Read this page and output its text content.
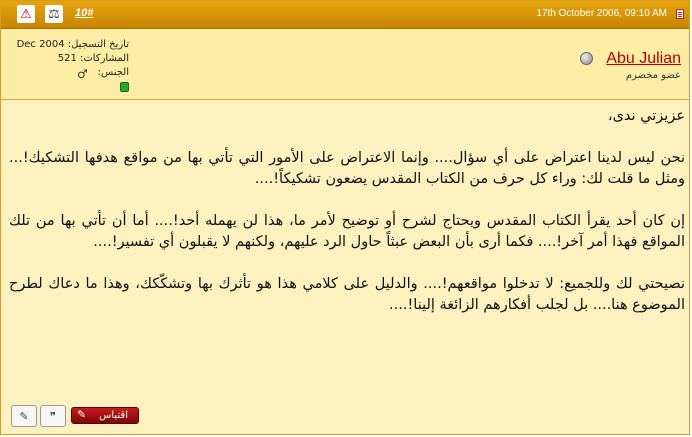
⚠ ⚖ 10#	17th October 2006, 09:10 AM
Abu Julian
عضو مخضرم
تاريخ التسجيل: Dec 2004
المشاركات: 521
الجنس:
♂

عزيزتي ندى،

نحن ليس لدينا اعتراض على أي سؤال.... وإنما الاعتراض على الأمور التي تأتي بها من مواقع هدفها التشكيك!... ومثل ما قلت لك: وراء كل حرف من الكتاب المقدس يضعون تشكيكاً!....

إن كان أحد يقرأ الكتاب المقدس ويحتاج لشرح أو توضيح لأمر ما، هذا لن يهمله أحد!.... أما أن تأتي بها من تلك المواقع فهذا أمر آخر!.... فكما أرى بأن البعض عبثاً حاول الرد عليهم، ولكنهم لا يقبلون أي تفسير!....

نصيحتي لك وللجميع: لا تدخلوا مواقعهم!.... والدليل على كلامي هذا هو تأثرك بها وتشكّكك، وهذا ما دعاك لطرح الموضوع هنا.... بل لجلب أفكارهم الزائغة إلينا!....

✎	❞
✎	اقتباس
